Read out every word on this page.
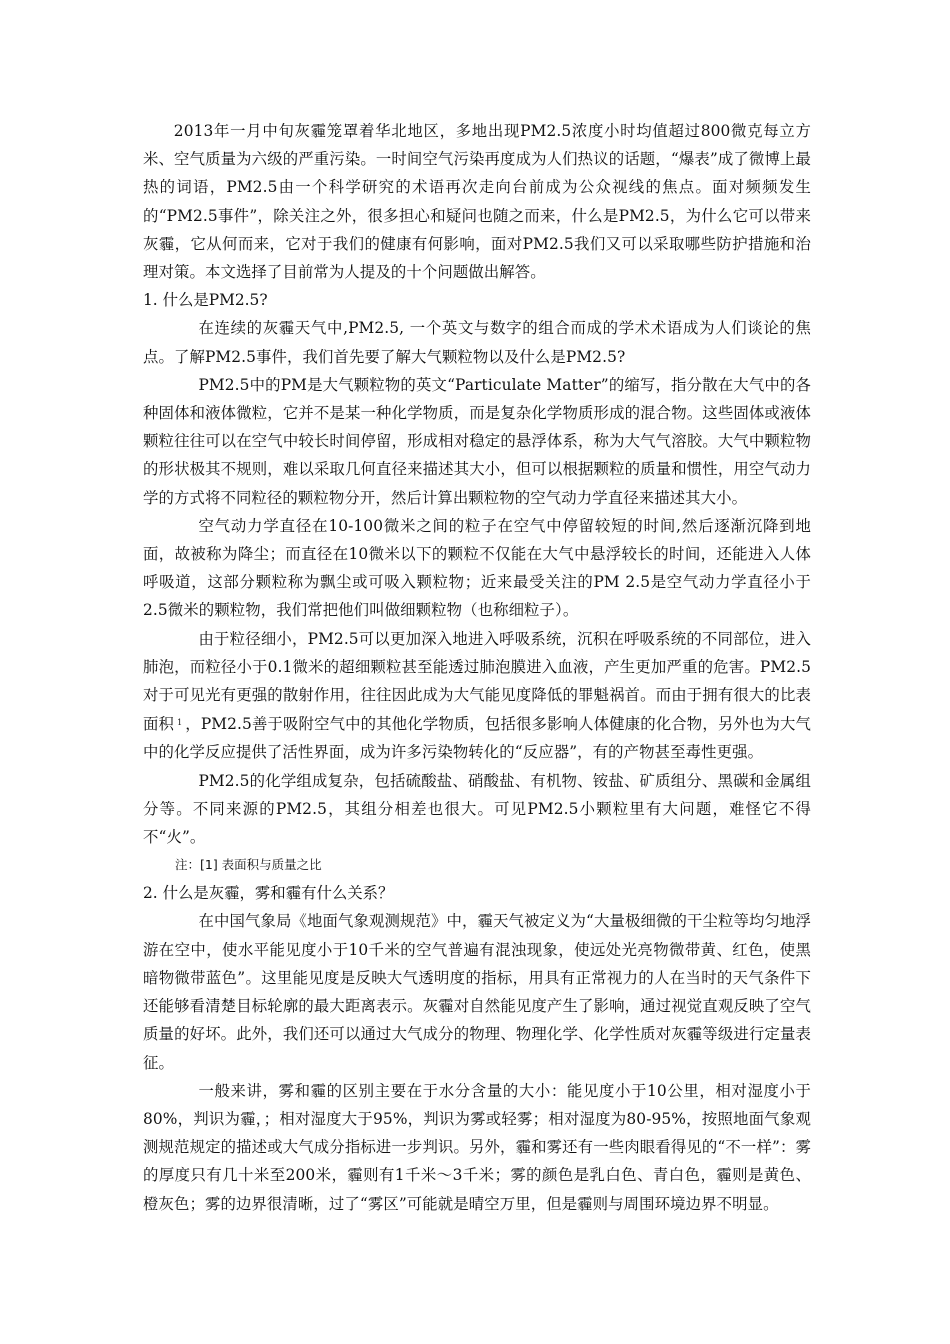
2013年一月中旬灰霾笼罩着华北地区，多地出现PM2.5浓度小时均值超过800微克每立方米、空气质量为六级的严重污染。一时间空气污染再度成为人们热议的话题，“爆表”成了微博上最热的词语，PM2.5由一个科学研究的术语再次走向台前成为公众视线的焦点。面对频频发生的“PM2.5事件”，除关注之外，很多担心和疑问也随之而来，什么是PM2.5，为什么它可以带来灰霾，它从何而来，它对于我们的健康有何影响，面对PM2.5我们又可以采取哪些防护措施和治理对策。本文选择了目前常为人提及的十个问题做出解答。

1. 什么是PM2.5?

在连续的灰霾天气中,PM2.5, 一个英文与数字的组合而成的学术术语成为人们谈论的焦点。了解PM2.5事件，我们首先要了解大气颗粒物以及什么是PM2.5?

PM2.5中的PM是大气颗粒物的英文“Particulate Matter”的缩写，指分散在大气中的各种固体和液体微粒，它并不是某一种化学物质，而是复杂化学物质形成的混合物。这些固体或液体颗粒往往可以在空气中较长时间停留，形成相对稳定的悬浮体系，称为大气气溶胶。大气中颗粒物的形状极其不规则，难以采取几何直径来描述其大小，但可以根据颗粒的质量和惯性，用空气动力学的方式将不同粒径的颗粒物分开，然后计算出颗粒物的空气动力学直径来描述其大小。

空气动力学直径在10-100微米之间的粒子在空气中停留较短的时间,然后逐渐沉降到地面，故被称为降尘；而直径在10微米以下的颗粒不仅能在大气中悬浮较长的时间，还能进入人体呼吸道，这部分颗粒称为飘尘或可吸入颗粒物；近来最受关注的PM 2.5是空气动力学直径小于2.5微米的颗粒物，我们常把他们叫做细颗粒物（也称细粒子）。

由于粒径细小，PM2.5可以更加深入地进入呼吸系统，沉积在呼吸系统的不同部位，进入肺泡，而粒径小于0.1微米的超细颗粒甚至能透过肺泡膜进入血液，产生更加严重的危害。PM2.5对于可见光有更强的散射作用，往往因此成为大气能见度降低的罪魁祸首。而由于拥有很大的比表面积 $^1$ ，PM2.5善于吸附空气中的其他化学物质，包括很多影响人体健康的化合物，另外也为大气中的化学反应提供了活性界面，成为许多污染物转化的“反应器”，有的产物甚至毒性更强。

PM2.5的化学组成复杂，包括硫酸盐、硝酸盐、有机物、铵盐、矿质组分、黑碳和金属组分等。不同来源的PM2.5，其组分相差也很大。可见PM2.5小颗粒里有大问题，难怪它不得不“火”。

注：[1] 表面积与质量之比

2. 什么是灰霾，雾和霾有什么关系？

在中国气象局《地面气象观测规范》中，霾天气被定义为“大量极细微的干尘粒等均匀地浮游在空中，使水平能见度小于10千米的空气普遍有混浊现象，使远处光亮物微带黄、红色，使黑暗物微带蓝色”。这里能见度是反映大气透明度的指标，用具有正常视力的人在当时的天气条件下还能够看清楚目标轮廓的最大距离表示。灰霾对自然能见度产生了影响，通过视觉直观反映了空气质量的好坏。此外，我们还可以通过大气成分的物理、物理化学、化学性质对灰霾等级进行定量表征。

一般来讲，雾和霾的区别主要在于水分含量的大小：能见度小于10公里，相对湿度小于80%，判识为霾，；相对湿度大于95%，判识为雾或轻雾；相对湿度为80-95%，按照地面气象观测规范规定的描述或大气成分指标进一步判识。另外，霾和雾还有一些肉眼看得见的“不一样”：雾的厚度只有几十米至200米，霾则有1千米～3千米；雾的颜色是乳白色、青白色，霾则是黄色、橙灰色；雾的边界很清晰，过了“雾区”可能就是晴空万里，但是霾则与周围环境边界不明显。
